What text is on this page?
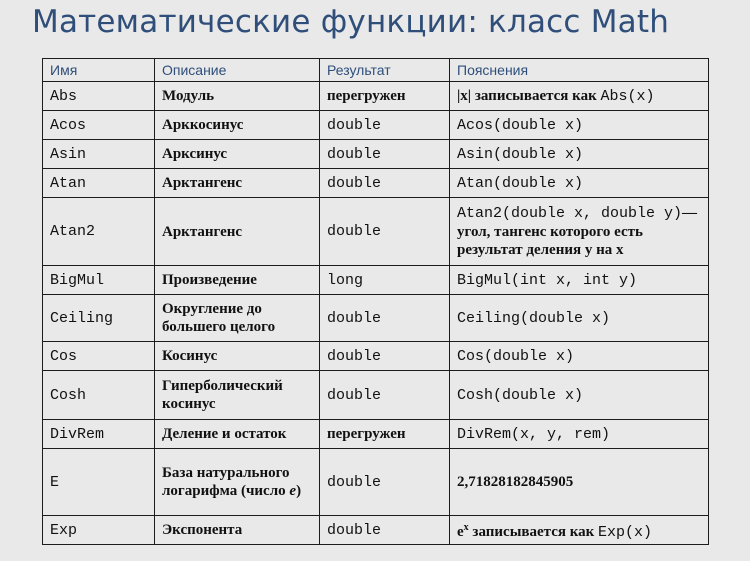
Математические функции: класс Math
Имя	Описание	Результат	Пояснения
Abs	Модуль	перегружен	|x| записывается как Abs(x)
Acos	Арккосинус	double	Acos(double x)
Asin	Арксинус	double	Asin(double x)
Atan	Арктангенс	double	Atan(double x)
Atan2	Арктангенс	double	Atan2(double x, double y)— угол, тангенс которого есть результат деления y на x
BigMul	Произведение	long	BigMul(int x, int y)
Ceiling	Округление до большего целого	double	Ceiling(double x)
Cos	Косинус	double	Cos(double x)
Cosh	Гиперболический косинус	double	Cosh(double x)
DivRem	Деление и остаток	перегружен	DivRem(x, y, rem)
E	База натурального логарифма (число e)	double	2,71828182845905
Exp	Экспонента	double	$e^x$ записывается как Exp(x)
